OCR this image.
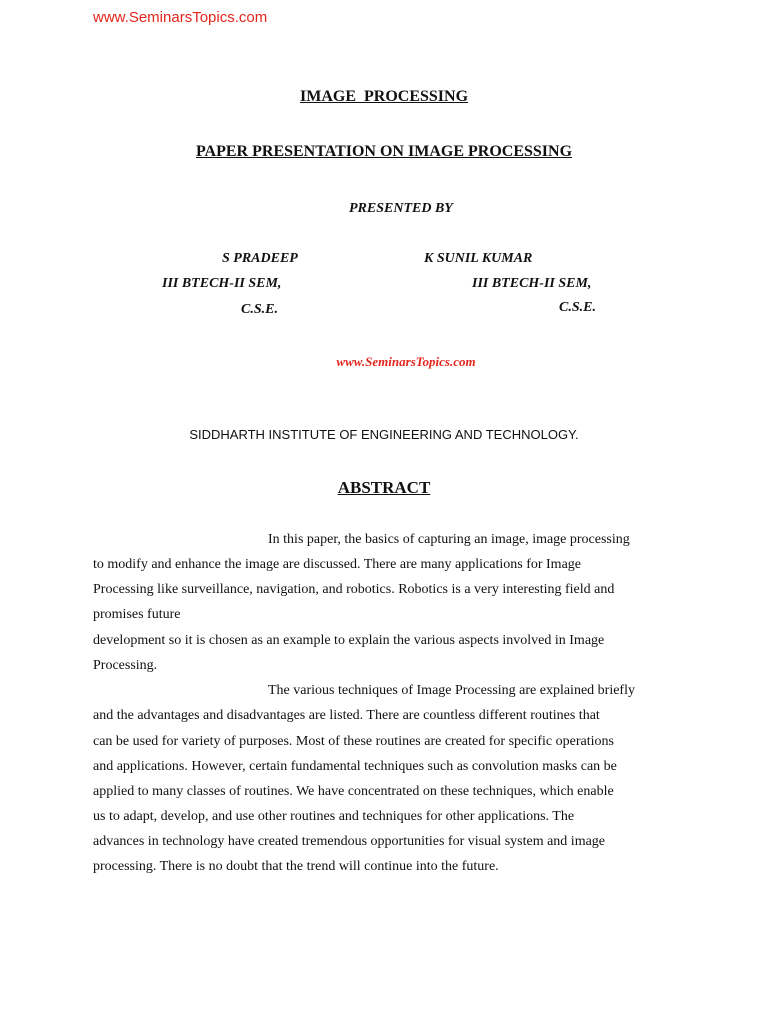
www.SeminarsTopics.com
IMAGE PROCESSING
PAPER PRESENTATION ON IMAGE PROCESSING
PRESENTED BY
S PRADEEP
III BTECH-II SEM,
C.S.E.
K SUNIL KUMAR
III BTECH-II SEM,
C.S.E.
www.SeminarsTopics.com
SIDDHARTH INSTITUTE OF ENGINEERING AND TECHNOLOGY.
ABSTRACT
In this paper, the basics of capturing an image, image processing
to modify and enhance the image are discussed. There are many applications for Image
Processing like surveillance, navigation, and robotics. Robotics is a very interesting field and
promises future
development so it is chosen as an example to explain the various aspects involved in Image
Processing.
The various techniques of Image Processing are explained briefly
and the advantages and disadvantages are listed. There are countless different routines that
can be used for variety of purposes. Most of these routines are created for specific operations
and applications. However, certain fundamental techniques such as convolution masks can be
applied to many classes of routines. We have concentrated on these techniques, which enable
us to adapt, develop, and use other routines and techniques for other applications. The
advances in technology have created tremendous opportunities for visual system and image
processing. There is no doubt that the trend will continue into the future.
